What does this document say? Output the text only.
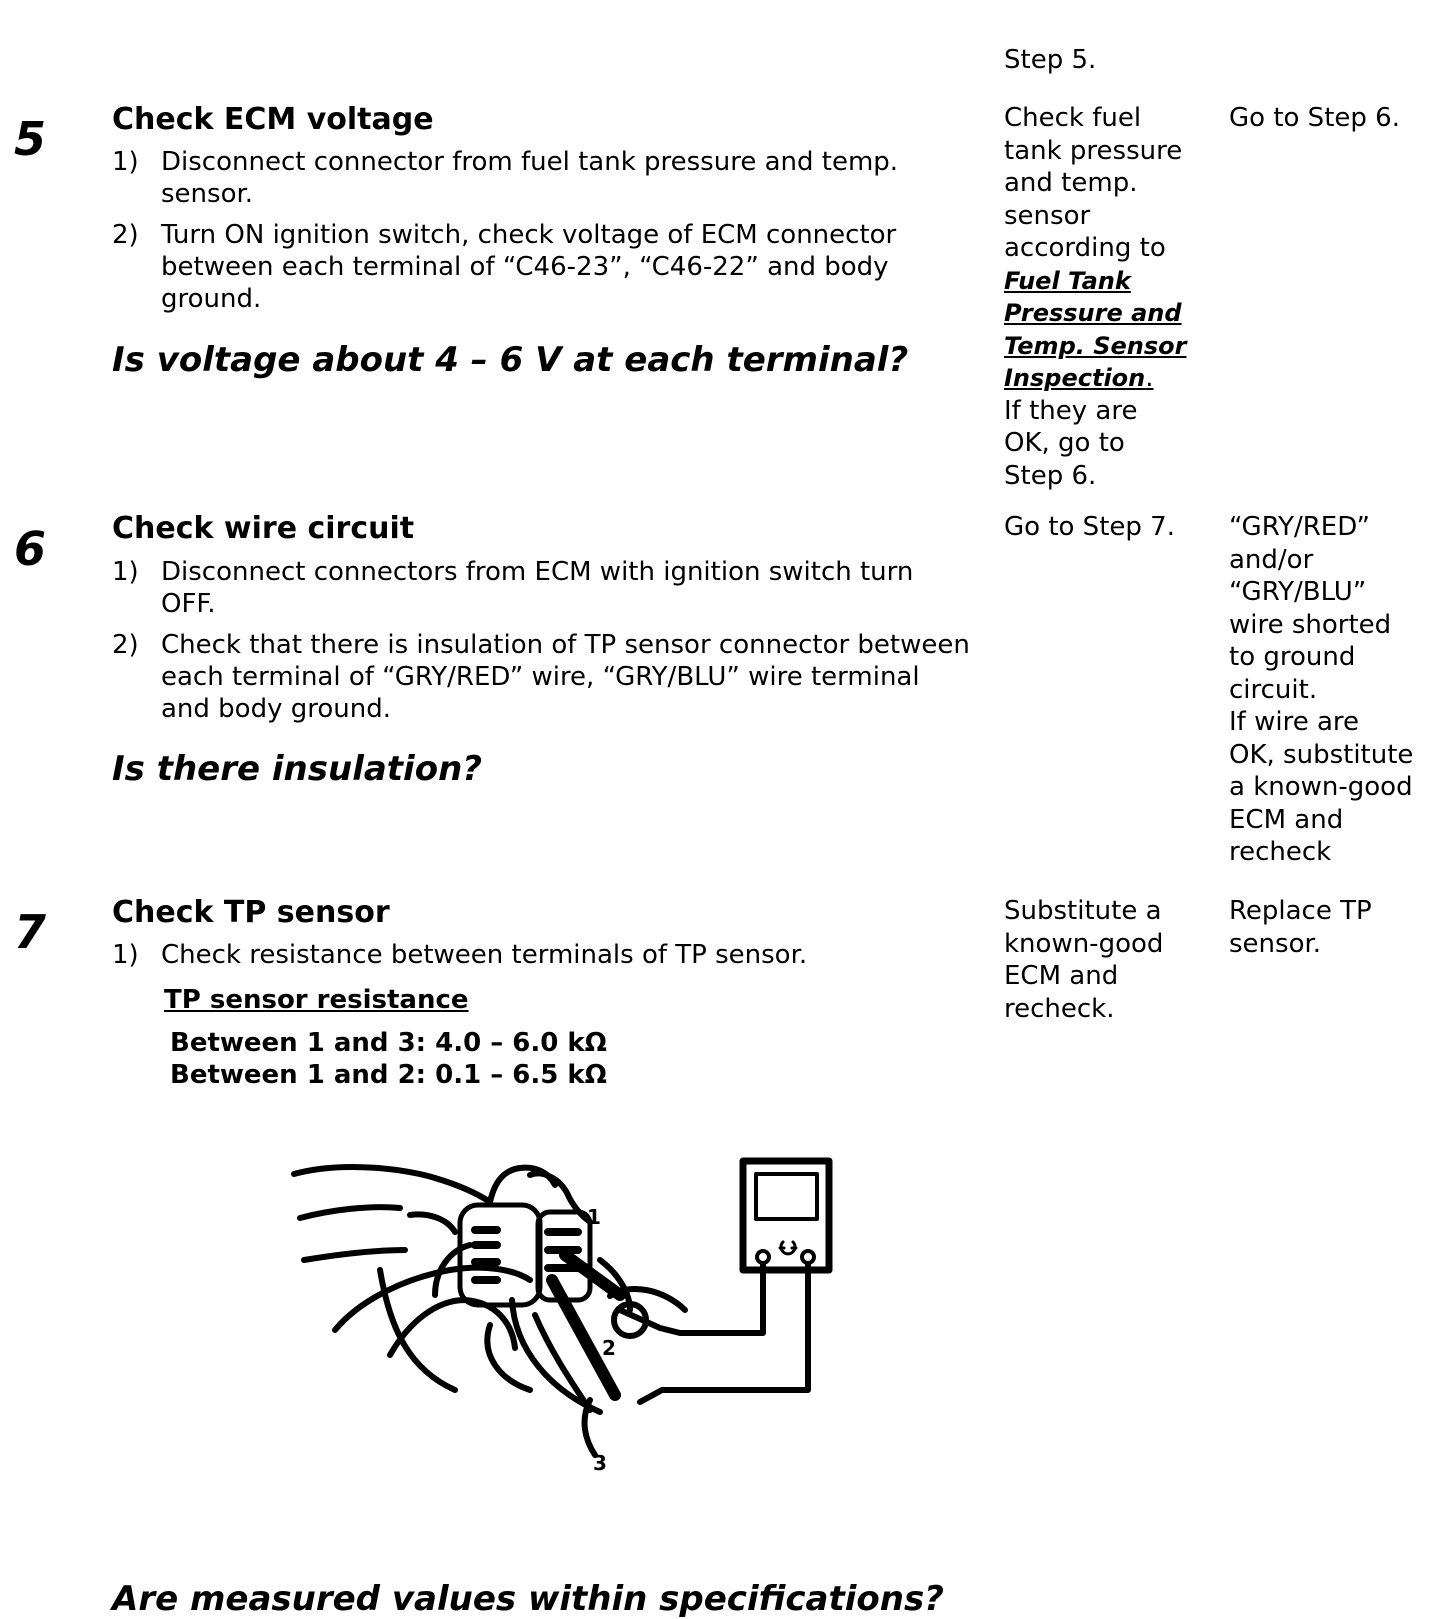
Step 5.
5 Check ECM voltage
1) Disconnect connector from fuel tank pressure and temp. sensor.
2) Turn ON ignition switch, check voltage of ECM connector between each terminal of “C46-23”, “C46-22” and body ground.
Is voltage about 4 – 6 V at each terminal?
Check fuel
tank pressure
and temp.
sensor
according to
Fuel Tank
Pressure and
Temp. Sensor
Inspection.
If they are
OK, go to
Step 6.
Go to Step 6.
6 Check wire circuit
1) Disconnect connectors from ECM with ignition switch turn OFF.
2) Check that there is insulation of TP sensor connector between each terminal of “GRY/RED” wire, “GRY/BLU” wire terminal and body ground.
Is there insulation?
Go to Step 7. “GRY/RED”
and/or
“GRY/BLU”
wire shorted
to ground
circuit.
If wire are
OK, substitute
a known-good
ECM and
recheck
7 Check TP sensor
1) Check resistance between terminals of TP sensor.
TP sensor resistance
Between 1 and 3: 4.0 – 6.0 kΩ
Between 1 and 2: 0.1 – 6.5 kΩ
Substitute a
known-good
ECM and
recheck.
Replace TP
sensor.
1
2
3
Are measured values within specifications?
